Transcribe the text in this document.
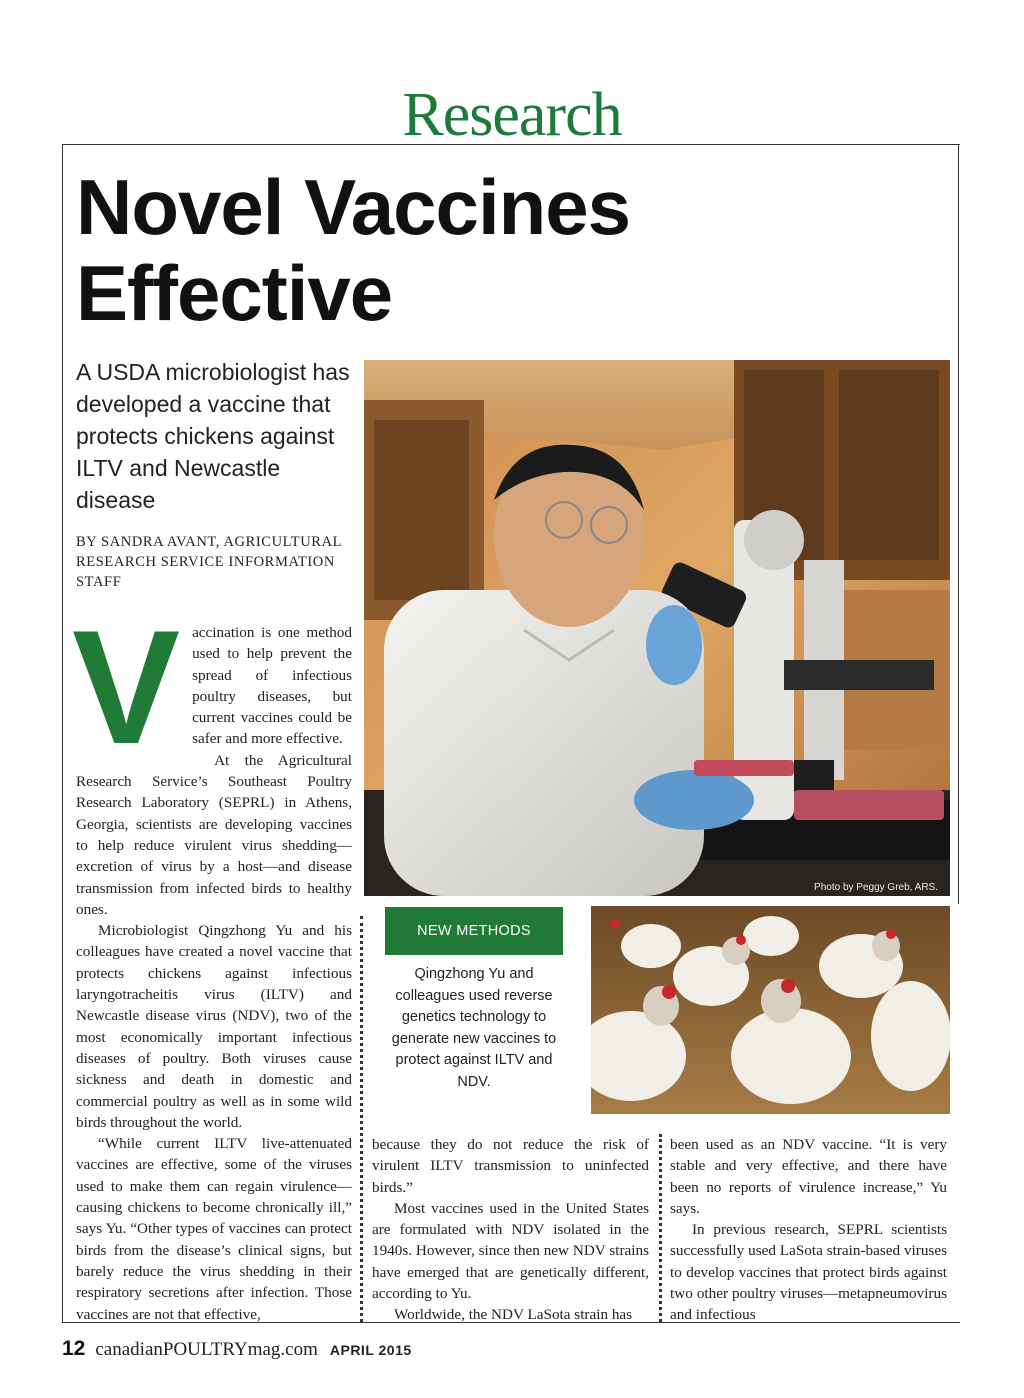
Research
Novel Vaccines
Effective
A USDA microbiologist has developed a vaccine that protects chickens against ILTV and Newcastle disease
BY SANDRA AVANT, AGRICULTURAL RESEARCH SERVICE INFORMATION STAFF
Photo by Peggy Greb, ARS.
NEW METHODS
Qingzhong Yu and colleagues used reverse genetics technology to generate new vaccines to protect against ILTV and NDV.
V accination is one method used to help prevent the spread of infectious poultry diseases, but current vaccines could be safer and more effective.

At the Agricultural Research Service’s Southeast Poultry Research Laboratory (SEPRL) in Athens, Georgia, scientists are developing vaccines to help reduce virulent virus shedding—excretion of virus by a host—and disease transmission from infected birds to healthy ones.

Microbiologist Qingzhong Yu and his colleagues have created a novel vaccine that protects chickens against infectious laryngotracheitis virus (ILTV) and Newcastle disease virus (NDV), two of the most economically important infectious diseases of poultry. Both viruses cause sickness and death in domestic and commercial poultry as well as in some wild birds throughout the world.

“While current ILTV live-attenuated vaccines are effective, some of the viruses used to make them can regain virulence—causing chickens to become chronically ill,” says Yu. “Other types of vaccines can protect birds from the disease’s clinical signs, but barely reduce the virus shedding in their respiratory secretions after infection. Those vaccines are not that effective,

because they do not reduce the risk of virulent ILTV transmission to uninfected birds.”

Most vaccines used in the United States are formulated with NDV isolated in the 1940s. However, since then new NDV strains have emerged that are genetically different, according to Yu.

Worldwide, the NDV LaSota strain has

been used as an NDV vaccine. “It is very stable and very effective, and there have been no reports of virulence increase,” Yu says.

In previous research, SEPRL scientists successfully used LaSota strain-based viruses to develop vaccines that protect birds against two other poultry viruses—metapneumovirus and infectious

12 canadianPOULTRYmag.com APRIL 2015
